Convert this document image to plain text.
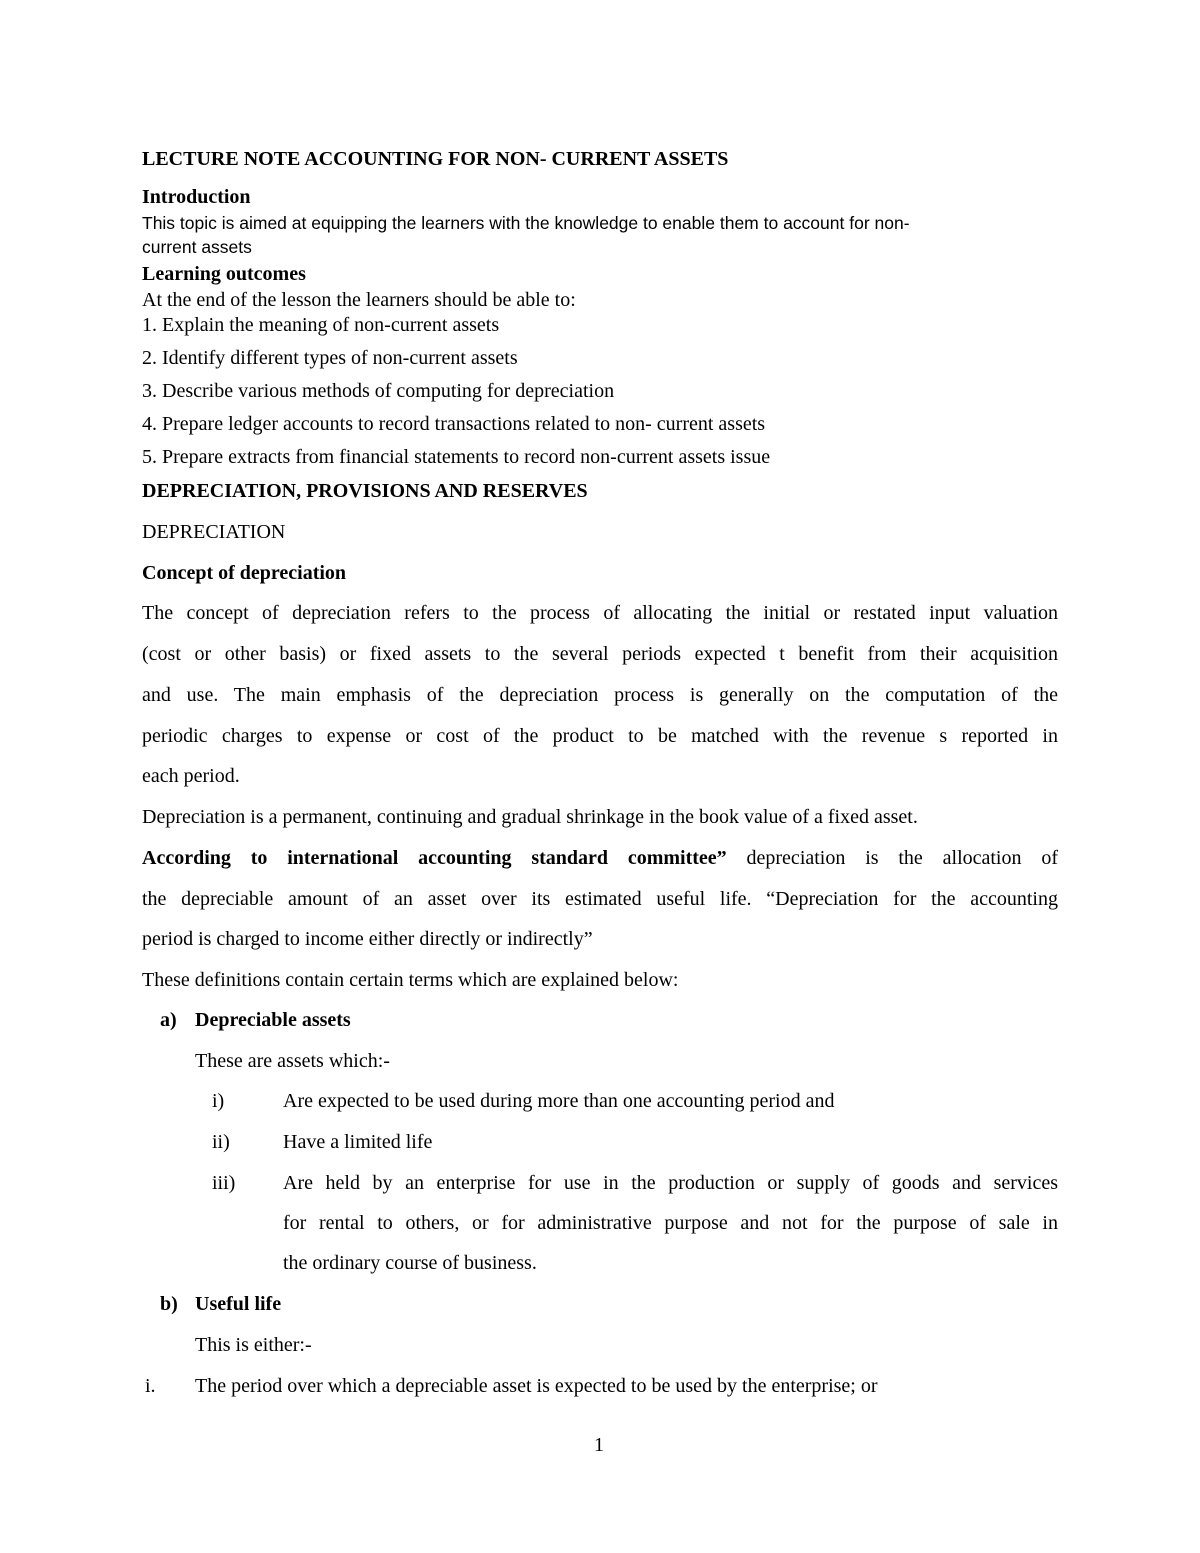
LECTURE NOTE ACCOUNTING FOR NON- CURRENT ASSETS
Introduction
This topic is aimed at equipping the learners with the knowledge to enable them to account for non-
current assets
Learning outcomes
At the end of the lesson the learners should be able to:
1. Explain the meaning of non-current assets
2. Identify different types of non-current assets
3. Describe various methods of computing for depreciation
4. Prepare ledger accounts to record transactions related to non- current assets
5. Prepare extracts from financial statements to record non-current assets issue
DEPRECIATION, PROVISIONS AND RESERVES
DEPRECIATION
Concept of depreciation
The concept of depreciation refers to the process of allocating the initial or restated input valuation
(cost or other basis) or fixed assets to the several periods expected t benefit from their acquisition
and use. The main emphasis of the depreciation process is generally on the computation of the
periodic charges to expense or cost of the product to be matched with the revenue s reported in
each period.
Depreciation is a permanent, continuing and gradual shrinkage in the book value of a fixed asset.
According to international accounting standard committee” depreciation is the allocation of
the depreciable amount of an asset over its estimated useful life. “Depreciation for the accounting
period is charged to income either directly or indirectly”
These definitions contain certain terms which are explained below:
a) Depreciable assets
These are assets which:-
i)	Are expected to be used during more than one accounting period and
ii)	Have a limited life
iii) Are held by an enterprise for use in the production or supply of goods and services
for rental to others, or for administrative purpose and not for the purpose of sale in
the ordinary course of business.
b) Useful life
This is either:-
i. The period over which a depreciable asset is expected to be used by the enterprise; or
1
